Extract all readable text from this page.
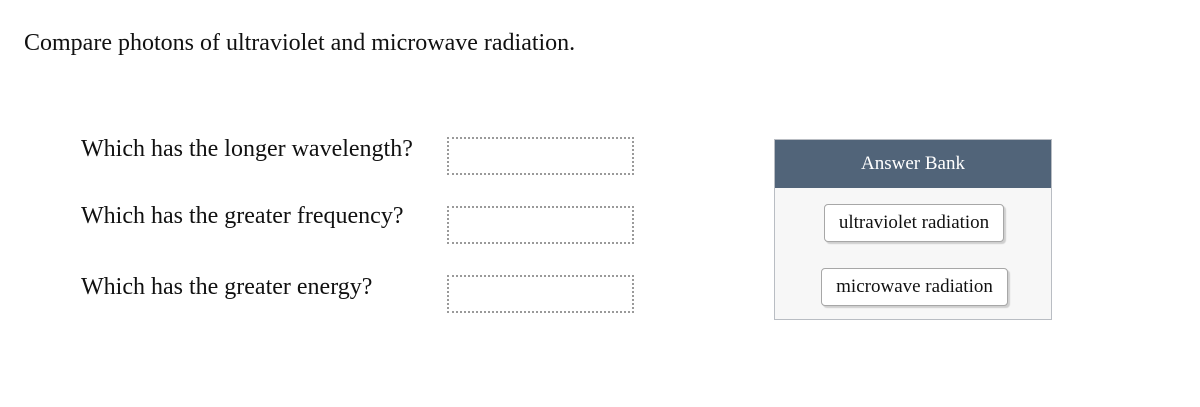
Compare photons of ultraviolet and microwave radiation.
Which has the longer wavelength?
Which has the greater frequency?
Which has the greater energy?
Answer Bank
ultraviolet radiation
microwave radiation
